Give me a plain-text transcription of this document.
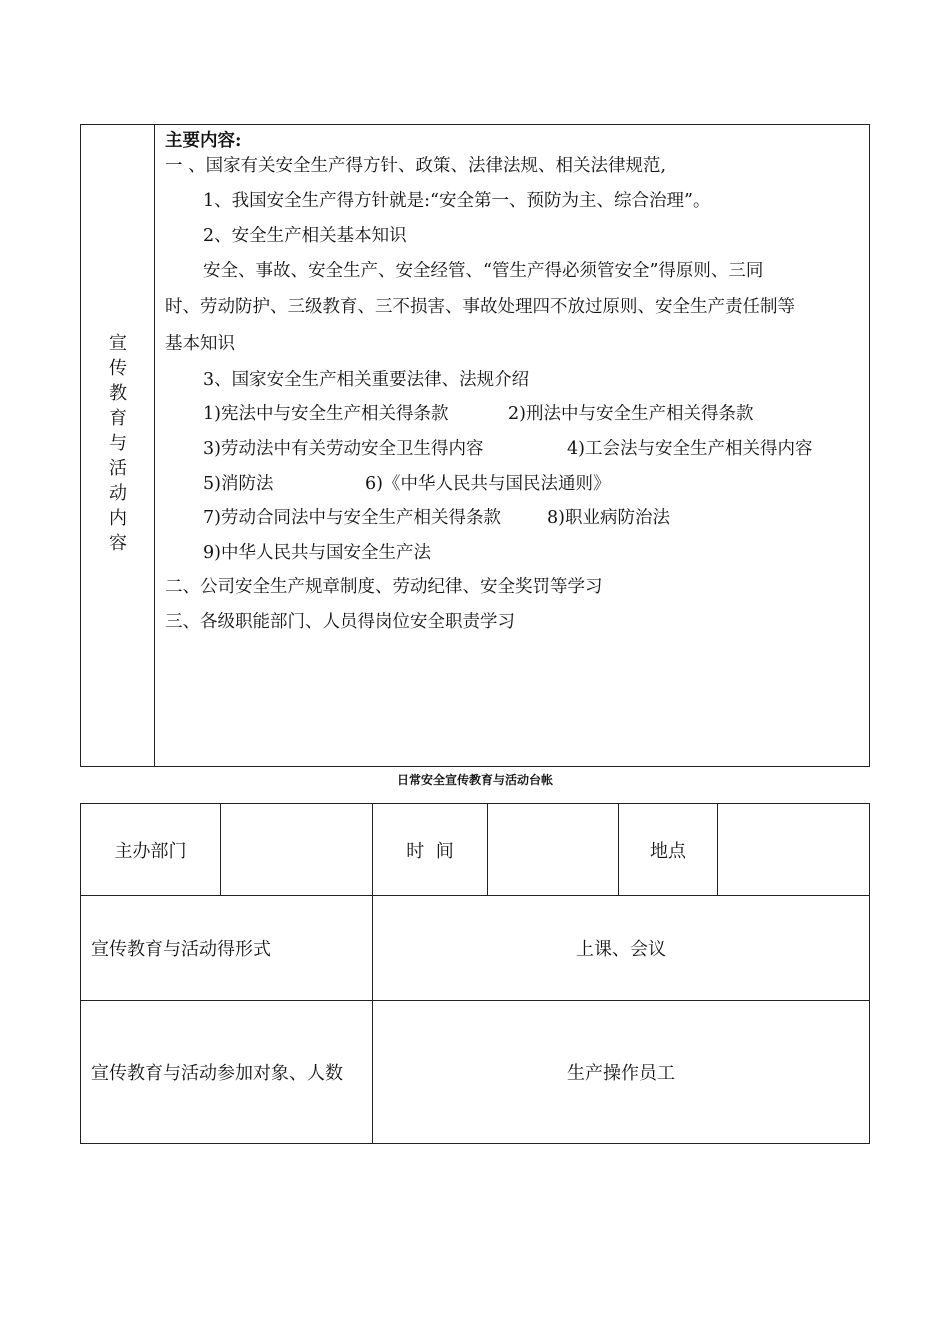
宣
传
教
育
与
活
动
内
容
主要内容:
一 、国家有关安全生产得方针、政策、法律法规、相关法律规范,
1、我国安全生产得方针就是:“安全第一、预防为主、综合治理”。
2、安全生产相关基本知识
安全、事故、安全生产、安全经管、“管生产得必须管安全”得原则、三同
时、劳动防护、三级教育、三不损害、事故处理四不放过原则、安全生产责任制等
基本知识
3、国家安全生产相关重要法律、法规介绍
1)宪法中与安全生产相关得条款	2)刑法中与安全生产相关得条款
3)劳动法中有关劳动安全卫生得内容	4)工会法与安全生产相关得内容
5)消防法	6)《中华人民共与国民法通则》
7)劳动合同法中与安全生产相关得条款	8)职业病防治法
9)中华人民共与国安全生产法
二、公司安全生产规章制度、劳动纪律、安全奖罚等学习
三、各级职能部门、人员得岗位安全职责学习
日常安全宣传教育与活动台帐
主办部门	时  间	地点
宣传教育与活动得形式	上课、会议
宣传教育与活动参加对象、人数	生产操作员工
